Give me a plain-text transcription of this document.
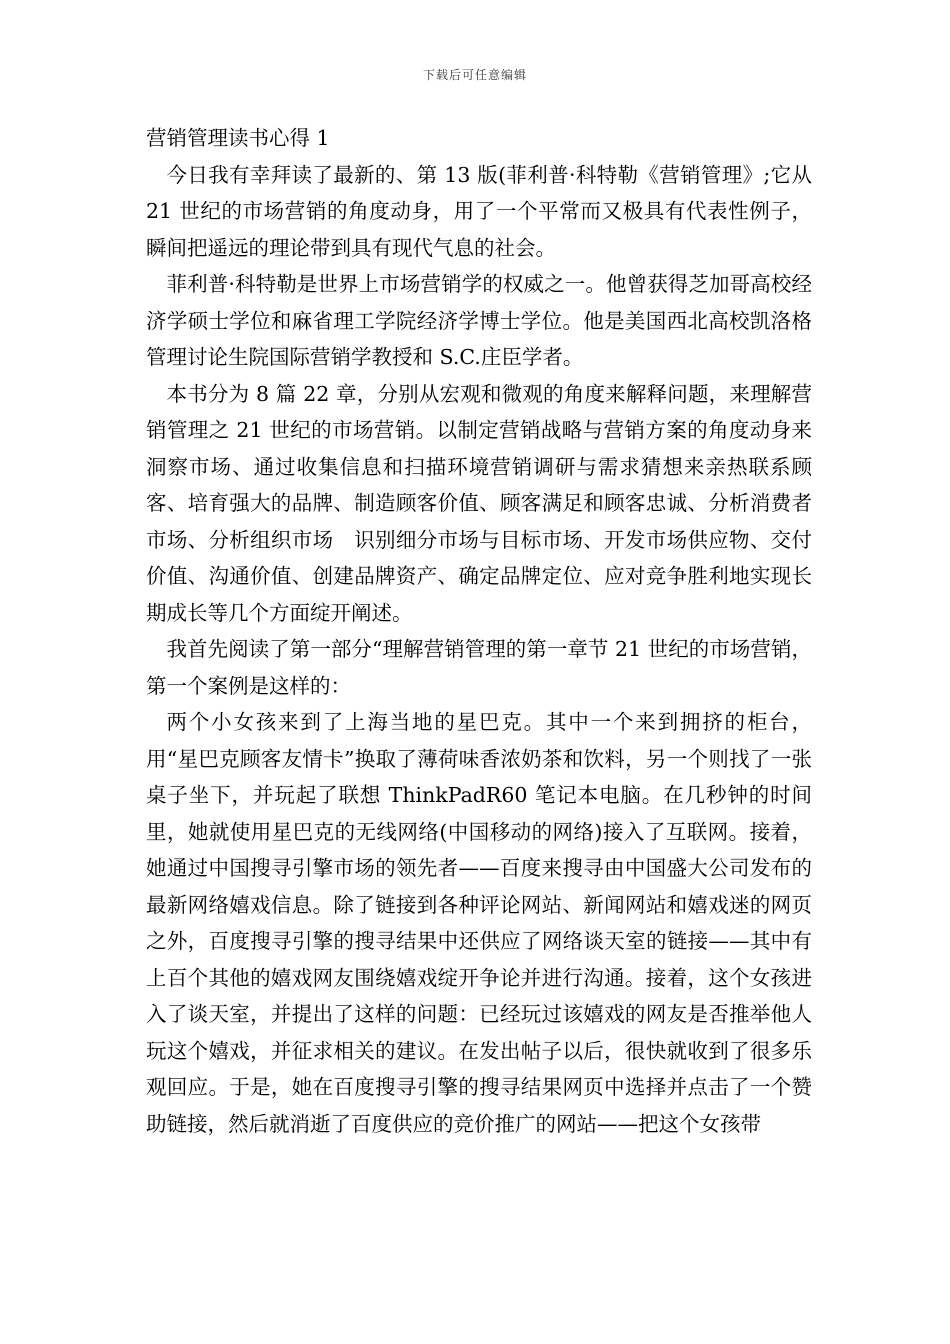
下载后可任意编辑
营销管理读书心得 1

今日我有幸拜读了最新的、第 13 版(菲利普·科特勒《营销管理》;它从　21 世纪的市场营销的角度动身，用了一个平常而又极具有代表性例子，瞬间把遥远的理论带到具有现代气息的社会。

菲利普·科特勒是世界上市场营销学的权威之一。他曾获得芝加哥高校经济学硕士学位和麻省理工学院经济学博士学位。他是美国西北高校凯洛格管理讨论生院国际营销学教授和 S.C.庄臣学者。

本书分为 8 篇 22 章，分别从宏观和微观的角度来解释问题，来理解营销管理之 21 世纪的市场营销。以制定营销战略与营销方案的角度动身来洞察市场、通过收集信息和扫描环境营销调研与需求猜想来亲热联系顾客、培育强大的品牌、制造顾客价值、顾客满足和顾客忠诚、分析消费者市场、分析组织市场　识别细分市场与目标市场、开发市场供应物、交付价值、沟通价值、创建品牌资产、确定品牌定位、应对竞争胜利地实现长期成长等几个方面绽开阐述。

我首先阅读了第一部分“理解营销管理的第一章节 21 世纪的市场营销，第一个案例是这样的：

两个小女孩来到了上海当地的星巴克。其中一个来到拥挤的柜台，用“星巴克顾客友情卡”换取了薄荷味香浓奶茶和饮料，另一个则找了一张桌子坐下，并玩起了联想 ThinkPadR60 笔记本电脑。在几秒钟的时间里，她就使用星巴克的无线网络(中国移动的网络)接入了互联网。接着，她通过中国搜寻引擎市场的领先者——百度来搜寻由中国盛大公司发布的最新网络嬉戏信息。除了链接到各种评论网站、新闻网站和嬉戏迷的网页之外，百度搜寻引擎的搜寻结果中还供应了网络谈天室的链接——其中有上百个其他的嬉戏网友围绕嬉戏绽开争论并进行沟通。接着，这个女孩进入了谈天室，并提出了这样的问题：已经玩过该嬉戏的网友是否推举他人玩这个嬉戏，并征求相关的建议。在发出帖子以后，很快就收到了很多乐观回应。于是，她在百度搜寻引擎的搜寻结果网页中选择并点击了一个赞助链接，然后就消逝了百度供应的竞价推广的网站——把这个女孩带
